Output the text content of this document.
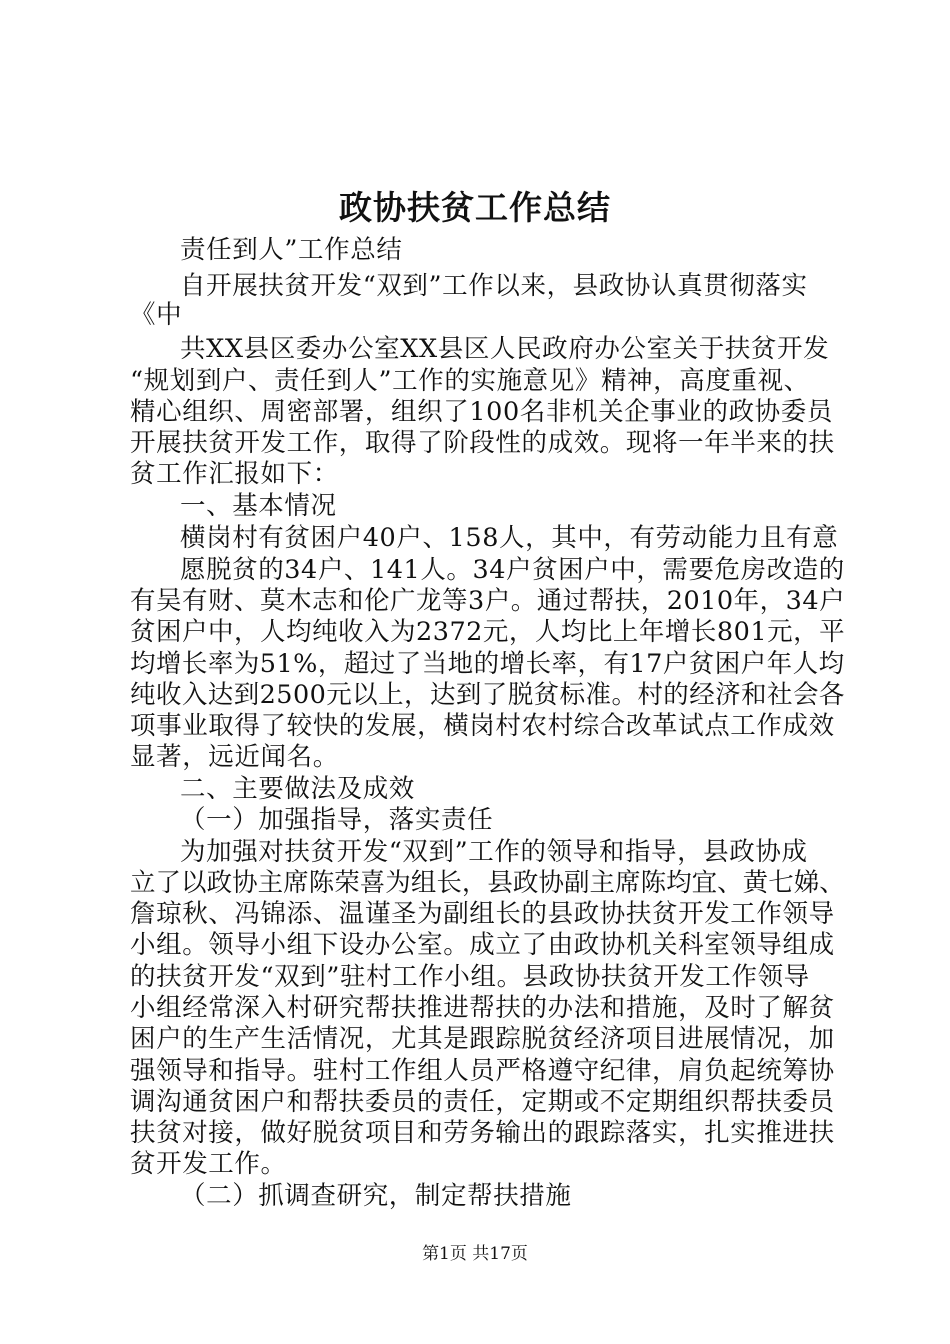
政协扶贫工作总结
责任到人”工作总结
自开展扶贫开发“双到”工作以来，县政协认真贯彻落实
《中
共XX县区委办公室XX县区人民政府办公室关于扶贫开发
“规划到户、责任到人”工作的实施意见》精神，高度重视、
精心组织、周密部署，组织了100名非机关企事业的政协委员
开展扶贫开发工作，取得了阶段性的成效。现将一年半来的扶
贫工作汇报如下：
一、基本情况
横岗村有贫困户40户、158人，其中，有劳动能力且有意
愿脱贫的34户、141人。34户贫困户中，需要危房改造的
有吴有财、莫木志和伦广龙等3户。通过帮扶，2010年，34户
贫困户中，人均纯收入为2372元，人均比上年增长801元，平
均增长率为51%，超过了当地的增长率，有17户贫困户年人均
纯收入达到2500元以上，达到了脱贫标准。村的经济和社会各
项事业取得了较快的发展，横岗村农村综合改革试点工作成效
显著，远近闻名。
二、主要做法及成效
（一）加强指导，落实责任
为加强对扶贫开发“双到”工作的领导和指导，县政协成
立了以政协主席陈荣喜为组长，县政协副主席陈均宜、黄七娣、
詹琼秋、冯锦添、温谨圣为副组长的县政协扶贫开发工作领导
小组。领导小组下设办公室。成立了由政协机关科室领导组成
的扶贫开发“双到”驻村工作小组。县政协扶贫开发工作领导
小组经常深入村研究帮扶推进帮扶的办法和措施，及时了解贫
困户的生产生活情况，尤其是跟踪脱贫经济项目进展情况，加
强领导和指导。驻村工作组人员严格遵守纪律，肩负起统筹协
调沟通贫困户和帮扶委员的责任，定期或不定期组织帮扶委员
扶贫对接，做好脱贫项目和劳务输出的跟踪落实，扎实推进扶
贫开发工作。
（二）抓调查研究，制定帮扶措施
第1页 共17页
